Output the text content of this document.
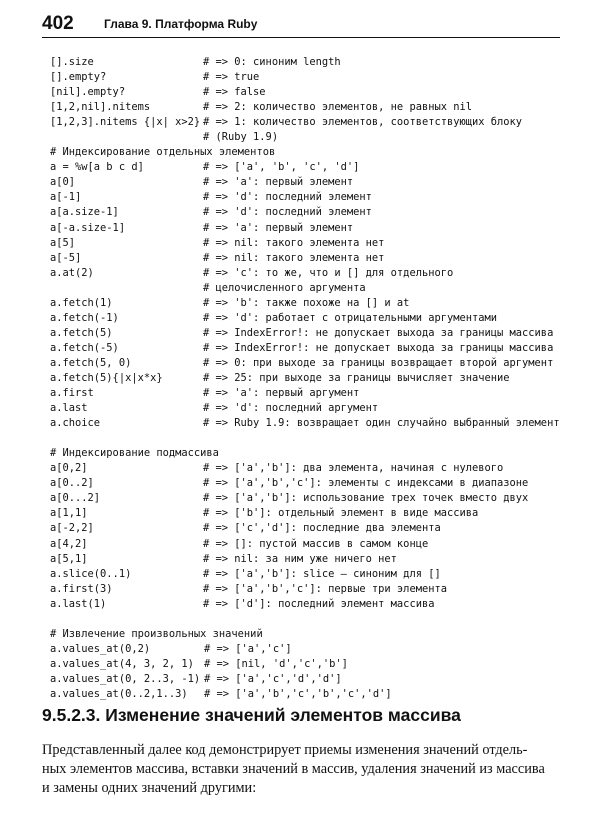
402	Глава 9. Платформа Ruby
[].size	# => 0: синоним length
[].empty?	# => true
[nil].empty?	# => false
[1,2,nil].nitems	# => 2: количество элементов, не равных nil
[1,2,3].nitems {|x| x>2} # => 1: количество элементов, соответствующих блоку
# (Ruby 1.9)
# Индексирование отдельных элементов
a = %w[a b c d]	# => ['a', 'b', 'c', 'd']
a[0]	# => 'a': первый элемент
a[-1]	# => 'd': последний элемент
a[a.size-1]	# => 'd': последний элемент
a[-a.size-1]	# => 'a': первый элемент
a[5]	# => nil: такого элемента нет
a[-5]	# => nil: такого элемента нет
a.at(2)	# => 'c': то же, что и [] для отдельного
# целочисленного аргумента
a.fetch(1)	# => 'b': также похоже на [] и at
a.fetch(-1)	# => 'd': работает с отрицательными аргументами
a.fetch(5)	# => IndexError!: не допускает выхода за границы массива
a.fetch(-5)	# => IndexError!: не допускает выхода за границы массива
a.fetch(5, 0)	# => 0: при выходе за границы возвращает второй аргумент
a.fetch(5){|x|x*x}	# => 25: при выходе за границы вычисляет значение
a.first	# => 'a': первый аргумент
a.last	# => 'd': последний аргумент
a.choice	# => Ruby 1.9: возвращает один случайно выбранный элемент
# Индексирование подмассива
a[0,2]	# => ['a','b']: два элемента, начиная с нулевого
a[0..2]	# => ['a','b','c']: элементы с индексами в диапазоне
a[0...2]	# => ['a','b']: использование трех точек вместо двух
a[1,1]	# => ['b']: отдельный элемент в виде массива
a[-2,2]	# => ['c','d']: последние два элемента
a[4,2]	# => []: пустой массив в самом конце
a[5,1]	# => nil: за ним уже ничего нет
a.slice(0..1)	# => ['a','b']: slice – синоним для []
a.first(3)	# => ['a','b','c']: первые три элемента
a.last(1)	# => ['d']: последний элемент массива
# Извлечение произвольных значений
a.values_at(0,2)	# => ['a','c']
a.values_at(4, 3, 2, 1) # => [nil, 'd','c','b']
a.values_at(0, 2..3, -1) # => ['a','c','d','d']
a.values_at(0..2,1..3) # => ['a','b','c','b','c','d']
9.5.2.3. Изменение значений элементов массива
Представленный далее код демонстрирует приемы изменения значений отдель-
ных элементов массива, вставки значений в массив, удаления значений из массива
и замены одних значений другими:
